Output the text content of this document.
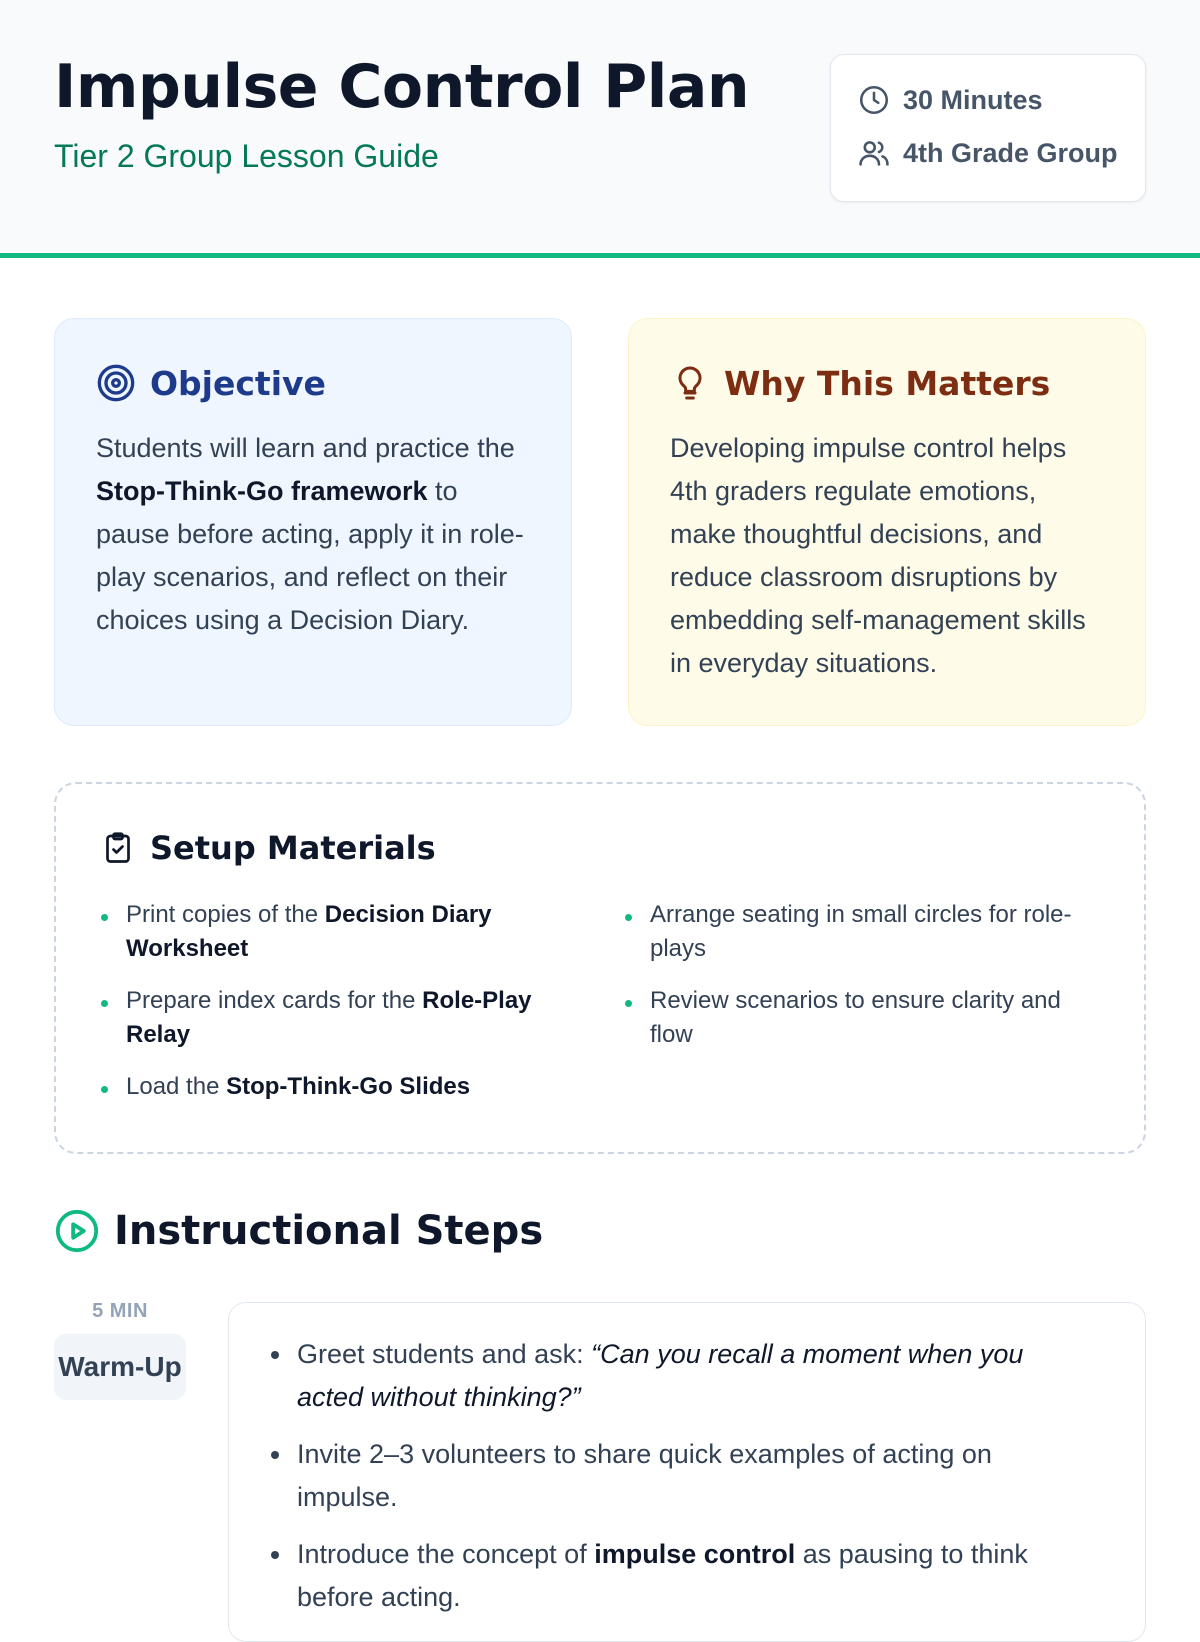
Impulse Control Plan
Tier 2 Group Lesson Guide
30 Minutes
4th Grade Group
Objective
Students will learn and practice the Stop-Think-Go framework to pause before acting, apply it in role-play scenarios, and reflect on their choices using a Decision Diary.
Why This Matters
Developing impulse control helps 4th graders regulate emotions, make thoughtful decisions, and reduce classroom disruptions by embedding self-management skills in everyday situations.
Setup Materials
Print copies of the Decision Diary Worksheet
Prepare index cards for the Role-Play Relay
Load the Stop-Think-Go Slides
Arrange seating in small circles for role-plays
Review scenarios to ensure clarity and flow
Instructional Steps
5 MIN
Warm-Up	Greet students and ask: “Can you recall a moment when you acted without thinking?”
Invite 2–3 volunteers to share quick examples of acting on impulse.
Introduce the concept of impulse control as pausing to think before acting.
